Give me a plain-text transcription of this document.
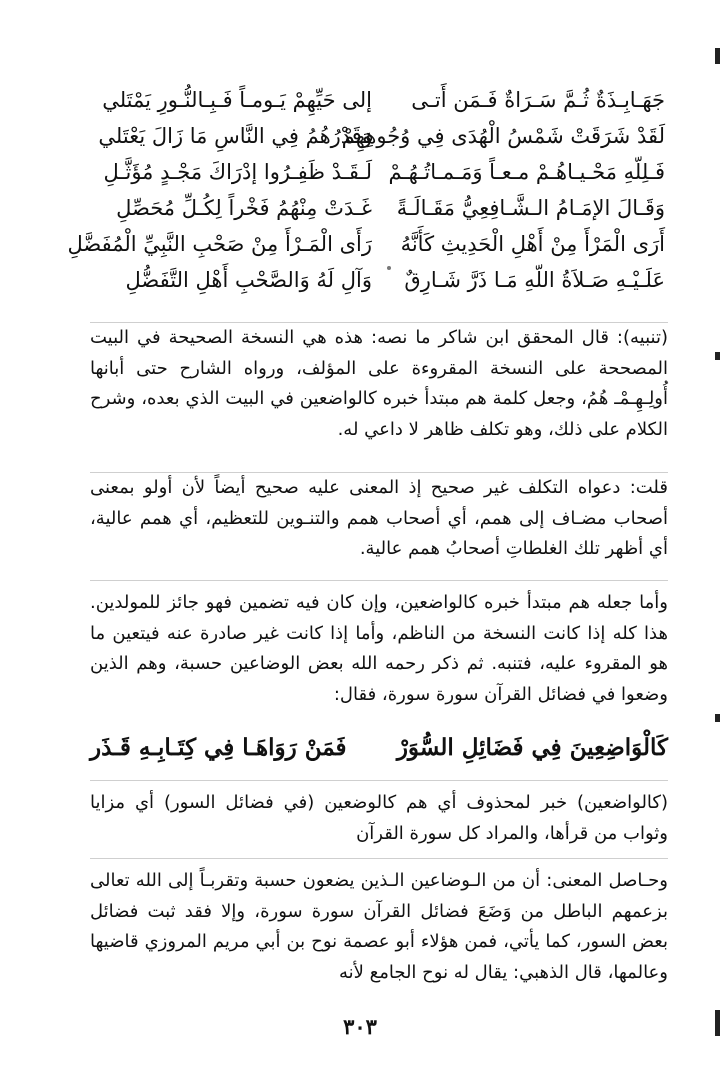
جَهَـابِـذَةٌ ثُـمَّ سَـرَاةٌ فَـمَن أَتـى
إلى حَيِّهِمْ يَـومـاً فَـبِـالنُّـورِ يَمْتَلي
لَقَدْ شَرَقَتْ شَمْسُ الْهُدَى فِي وُجُوهِهِمْ
وَقَدْرُهُمُ فِي النَّاسِ مَا زَالَ يَعْتَلي
فَـلِلّهِ مَحْـيـاهُـمْ مـعـاً وَمَـمـاتُـهُـمْ
لَـقَـدْ ظَفِـرُوا إدْرَاكَ مَجْـدٍ مُؤَثَّـلِ
وَقَـالَ الإمَـامُ الـشَّـافِعِيُّ مَقَـالَـةً
غَـدَتْ مِنْهُمُ فَخْراً لِكُـلِّ مُحَصِّلِ
أَرَى الْمَرْأَ مِنْ أَهْلِ الْحَدِيثِ كَأَنَّهُ
رَأَى الْمَـرْأَ مِنْ صَحْبِ النَّبِيِّ الْمُفَضَّلِ
عَلَـيْـهِ صَـلاَةُ اللّهِ مَـا ذَرَّ شَـارِقٌ
وَآلِ لَهُ وَالصَّحْبِ أَهْلِ التَّفَضُّلِ

(تنبيه): قال المحقق ابن شاكر ما نصه: هذه هي النسخة الصحيحة في البيت المصححة على النسخة المقروءة على المؤلف، ورواه الشارح حتى أبانها أُولِـهِـمْـ هُمُ، وجعل كلمة هم مبتدأ خبره كالواضعين في البيت الذي بعده، وشرح الكلام على ذلك، وهو تكلف ظاهر لا داعي له.

قلت: دعواه التكلف غير صحيح إذ المعنى عليه صحيح أيضاً لأن أولو بمعنى أصحاب مضـاف إلى همم، أي أصحاب همم والتنـوين للتعظيم، أي همم عالية، أي أظهر تلك الغلطاتِ أصحابُ همم عالية.

وأما جعله هم مبتدأ خبره كالواضعين، وإن كان فيه تضمين فهو جائز للمولدين. هذا كله إذا كانت النسخة من الناظم، وأما إذا كانت غير صادرة عنه فيتعين ما هو المقروء عليه، فتنبه. ثم ذكر رحمه الله بعض الوضاعين حسبة، وهم الذين وضعوا في فضائل القرآن سورة سورة، فقال:

كَالْوَاضِعِينَ فِي فَضَائِلِ السُّوَرْ
فَمَنْ رَوَاهَـا فِي كِتَـابِـهِ قَـذَر

(كالواضعين) خبر لمحذوف أي هم كالوضعين (في فضائل السور) أي مزايا وثواب من قرأها، والمراد كل سورة القرآن

وحـاصل المعنى: أن من الـوضاعين الـذين يضعون حسبة وتقربـاً إلى الله تعالى بزعمهم الباطل من وَضَعَ فضائل القرآن سورة سورة، وإلا فقد ثبت فضائل بعض السور، كما يأتي، فمن هؤلاء أبو عصمة نوح بن أبي مريم المروزي قاضيها وعالمها، قال الذهبي: يقال له نوح الجامع لأنه

٣٠٣
